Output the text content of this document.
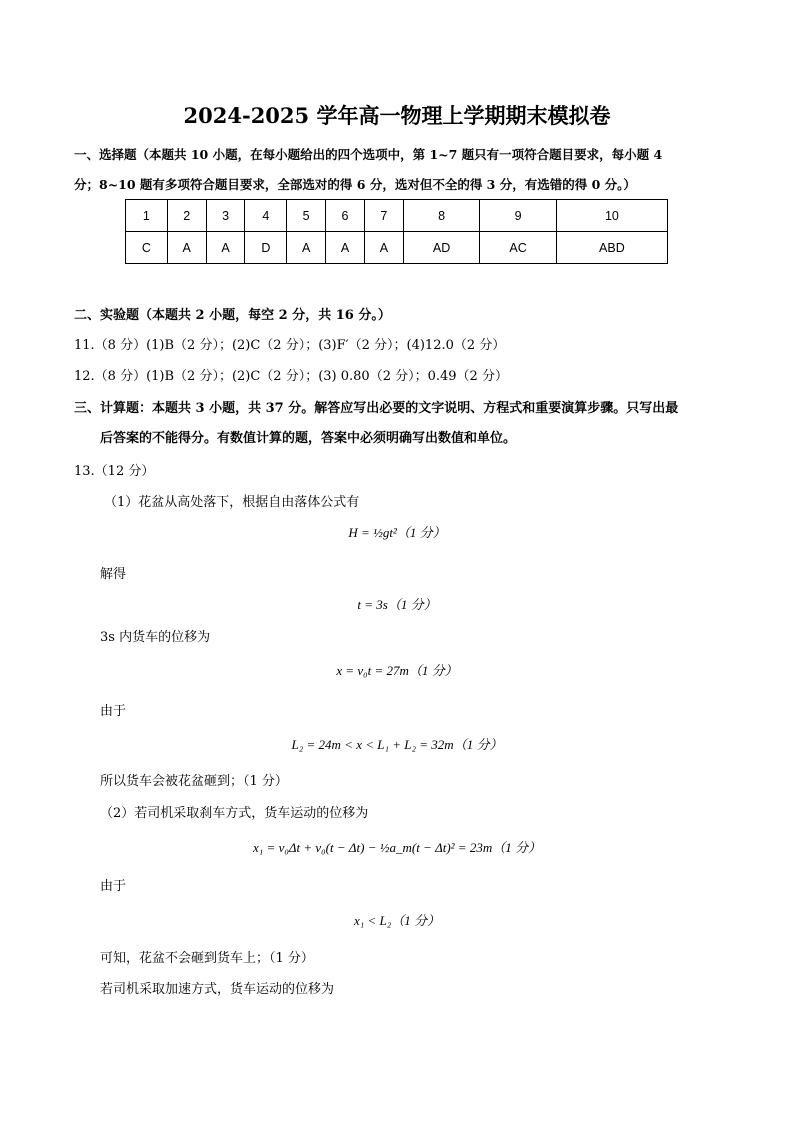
2024-2025 学年高一物理上学期期末模拟卷
一、选择题（本题共 10 小题，在每小题给出的四个选项中，第 1~7 题只有一项符合题目要求，每小题 4
分；8~10 题有多项符合题目要求，全部选对的得 6 分，选对但不全的得 3 分，有选错的得 0 分。）
1	2	3	4	5	6	7	8	9	10
C	A	A	D	A	A	A	AD	AC	ABD
二、实验题（本题共 2 小题，每空 2 分，共 16 分。）
11.（8 分）(1)B（2 分）；(2)C（2 分）；(3)F′（2 分）；(4)12.0（2 分）
12.（8 分）(1)B（2 分）；(2)C（2 分）；(3) 0.80（2 分）；0.49（2 分）
三、计算题：本题共 3 小题，共 37 分。解答应写出必要的文字说明、方程式和重要演算步骤。只写出最
后答案的不能得分。有数值计算的题，答案中必须明确写出数值和单位。
13.（12 分）
（1）花盆从高处落下，根据自由落体公式有
H = ½gt²（1 分）
解得
t = 3s（1 分）
3s 内货车的位移为
x = v₀t = 27m（1 分）
由于
L₂ = 24m < x < L₁ + L₂ = 32m（1 分）
所以货车会被花盆砸到；（1 分）
（2）若司机采取刹车方式，货车运动的位移为
x₁ = v₀Δt + v₀(t − Δt) − ½a_m(t − Δt)² = 23m（1 分）
由于
x₁ < L₂（1 分）
可知，花盆不会砸到货车上；（1 分）
若司机采取加速方式，货车运动的位移为
